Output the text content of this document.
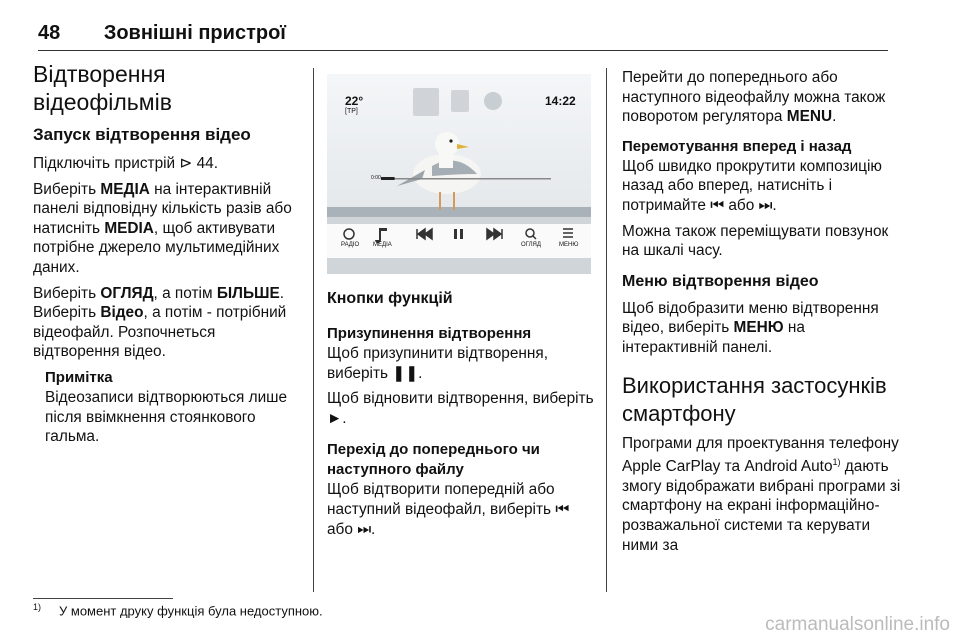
48 Зовнішні пристрої
Відтворення відеофільмів
Запуск відтворення відео

Підключіть пристрій ⊳ 44.

Виберіть МЕДІА на інтерактивній панелі відповідну кількість разів або натисніть MEDIA, щоб активувати потрібне джерело мультимедійних даних.

Виберіть ОГЛЯД, а потім БІЛЬШЕ. Виберіть Відео, а потім - потрібний відеофайл. Розпочнеться відтворення відео.

Примітка

Відеозаписи відтворюються лише після ввімкнення стоянкового гальма.

22°
[TP]
14:22
0:00
РАДІО МЕДІА	ОГЛЯД	МЕНЮ
Кнопки функцій
Призупинення відтворення

Щоб призупинити відтворення, виберіть ❚❚.

Щоб відновити відтворення, виберіть ►.

Перехід до попереднього чи наступного файлу

Щоб відтворити попередній або наступний відеофайл, виберіть ⏮ або ⏭.

Перейти до попереднього або наступного відеофайлу можна також поворотом регулятора MENU.

Перемотування вперед і назад

Щоб швидко прокрутити композицію назад або вперед, натисніть і потримайте ⏮ або ⏭.

Можна також переміщувати повзунок на шкалі часу.

Меню відтворення відео

Щоб відобразити меню відтворення відео, виберіть МЕНЮ на інтерактивній панелі.

Використання застосунків смартфону

Програми для проектування телефону Apple CarPlay та Android Auto$^{1)}$ дають змогу відображати вибрані програми зі смартфону на екрані інформаційно-розважальної системи та керувати ними за

$^{1)}$ У момент друку функція була недоступною.
carmanualsonline.info
